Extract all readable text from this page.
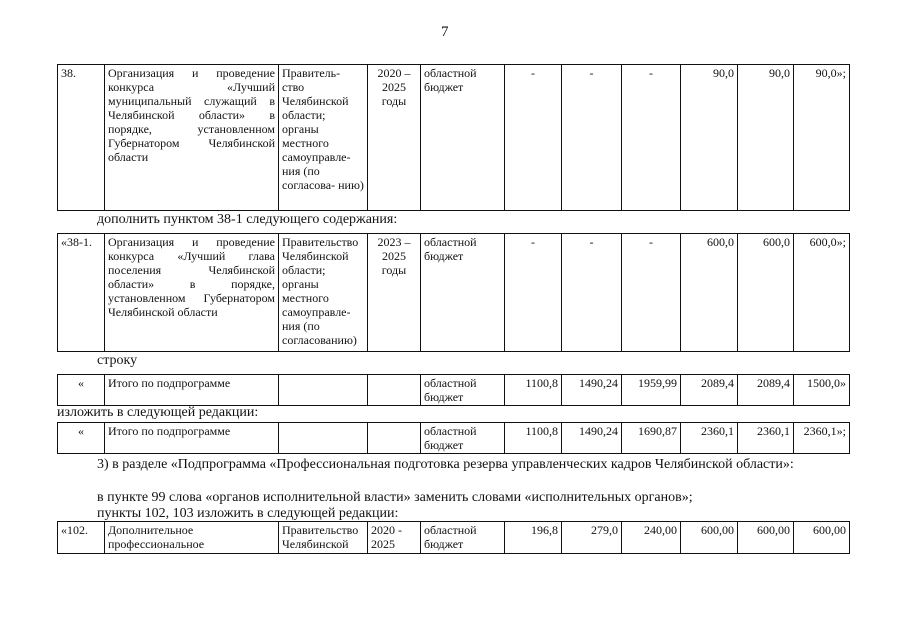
7
38.	Организация и проведение конкурса «Лучший муниципальный служащий в Челябинской области» в порядке, установленном Губернатором Челябинской области	Правитель- ство Челябинской области; органы местного самоуправле- ния (по согласова- нию)	2020 – 2025 годы	областной бюджет	-	-	-	90,0	90,0	90,0»;
дополнить пунктом 38-1 следующего содержания:
«38-1.	Организация и проведение конкурса «Лучший глава поселения Челябинской области» в порядке, установленном Губернатором Челябинской области	Правительство Челябинской области; органы местного самоуправле- ния (по согласованию)	2023 – 2025 годы	областной бюджет	-	-	-	600,0	600,0	600,0»;
строку
«	Итого по подпрограмме			областной бюджет	1100,8	1490,24	1959,99	2089,4	2089,4	1500,0»
изложить в следующей редакции:
«	Итого по подпрограмме			областной бюджет	1100,8	1490,24	1690,87	2360,1	2360,1	2360,1»;
3) в разделе «Подпрограмма «Профессиональная подготовка резерва управленческих кадров Челябинской области»:
в пункте 99 слова «органов исполнительной власти» заменить словами «исполнительных органов»;
пункты 102, 103 изложить в следующей редакции:
«102.	Дополнительное профессиональное	Правительство Челябинской	2020 - 2025	областной бюджет	196,8	279,0	240,00	600,00	600,00	600,00
